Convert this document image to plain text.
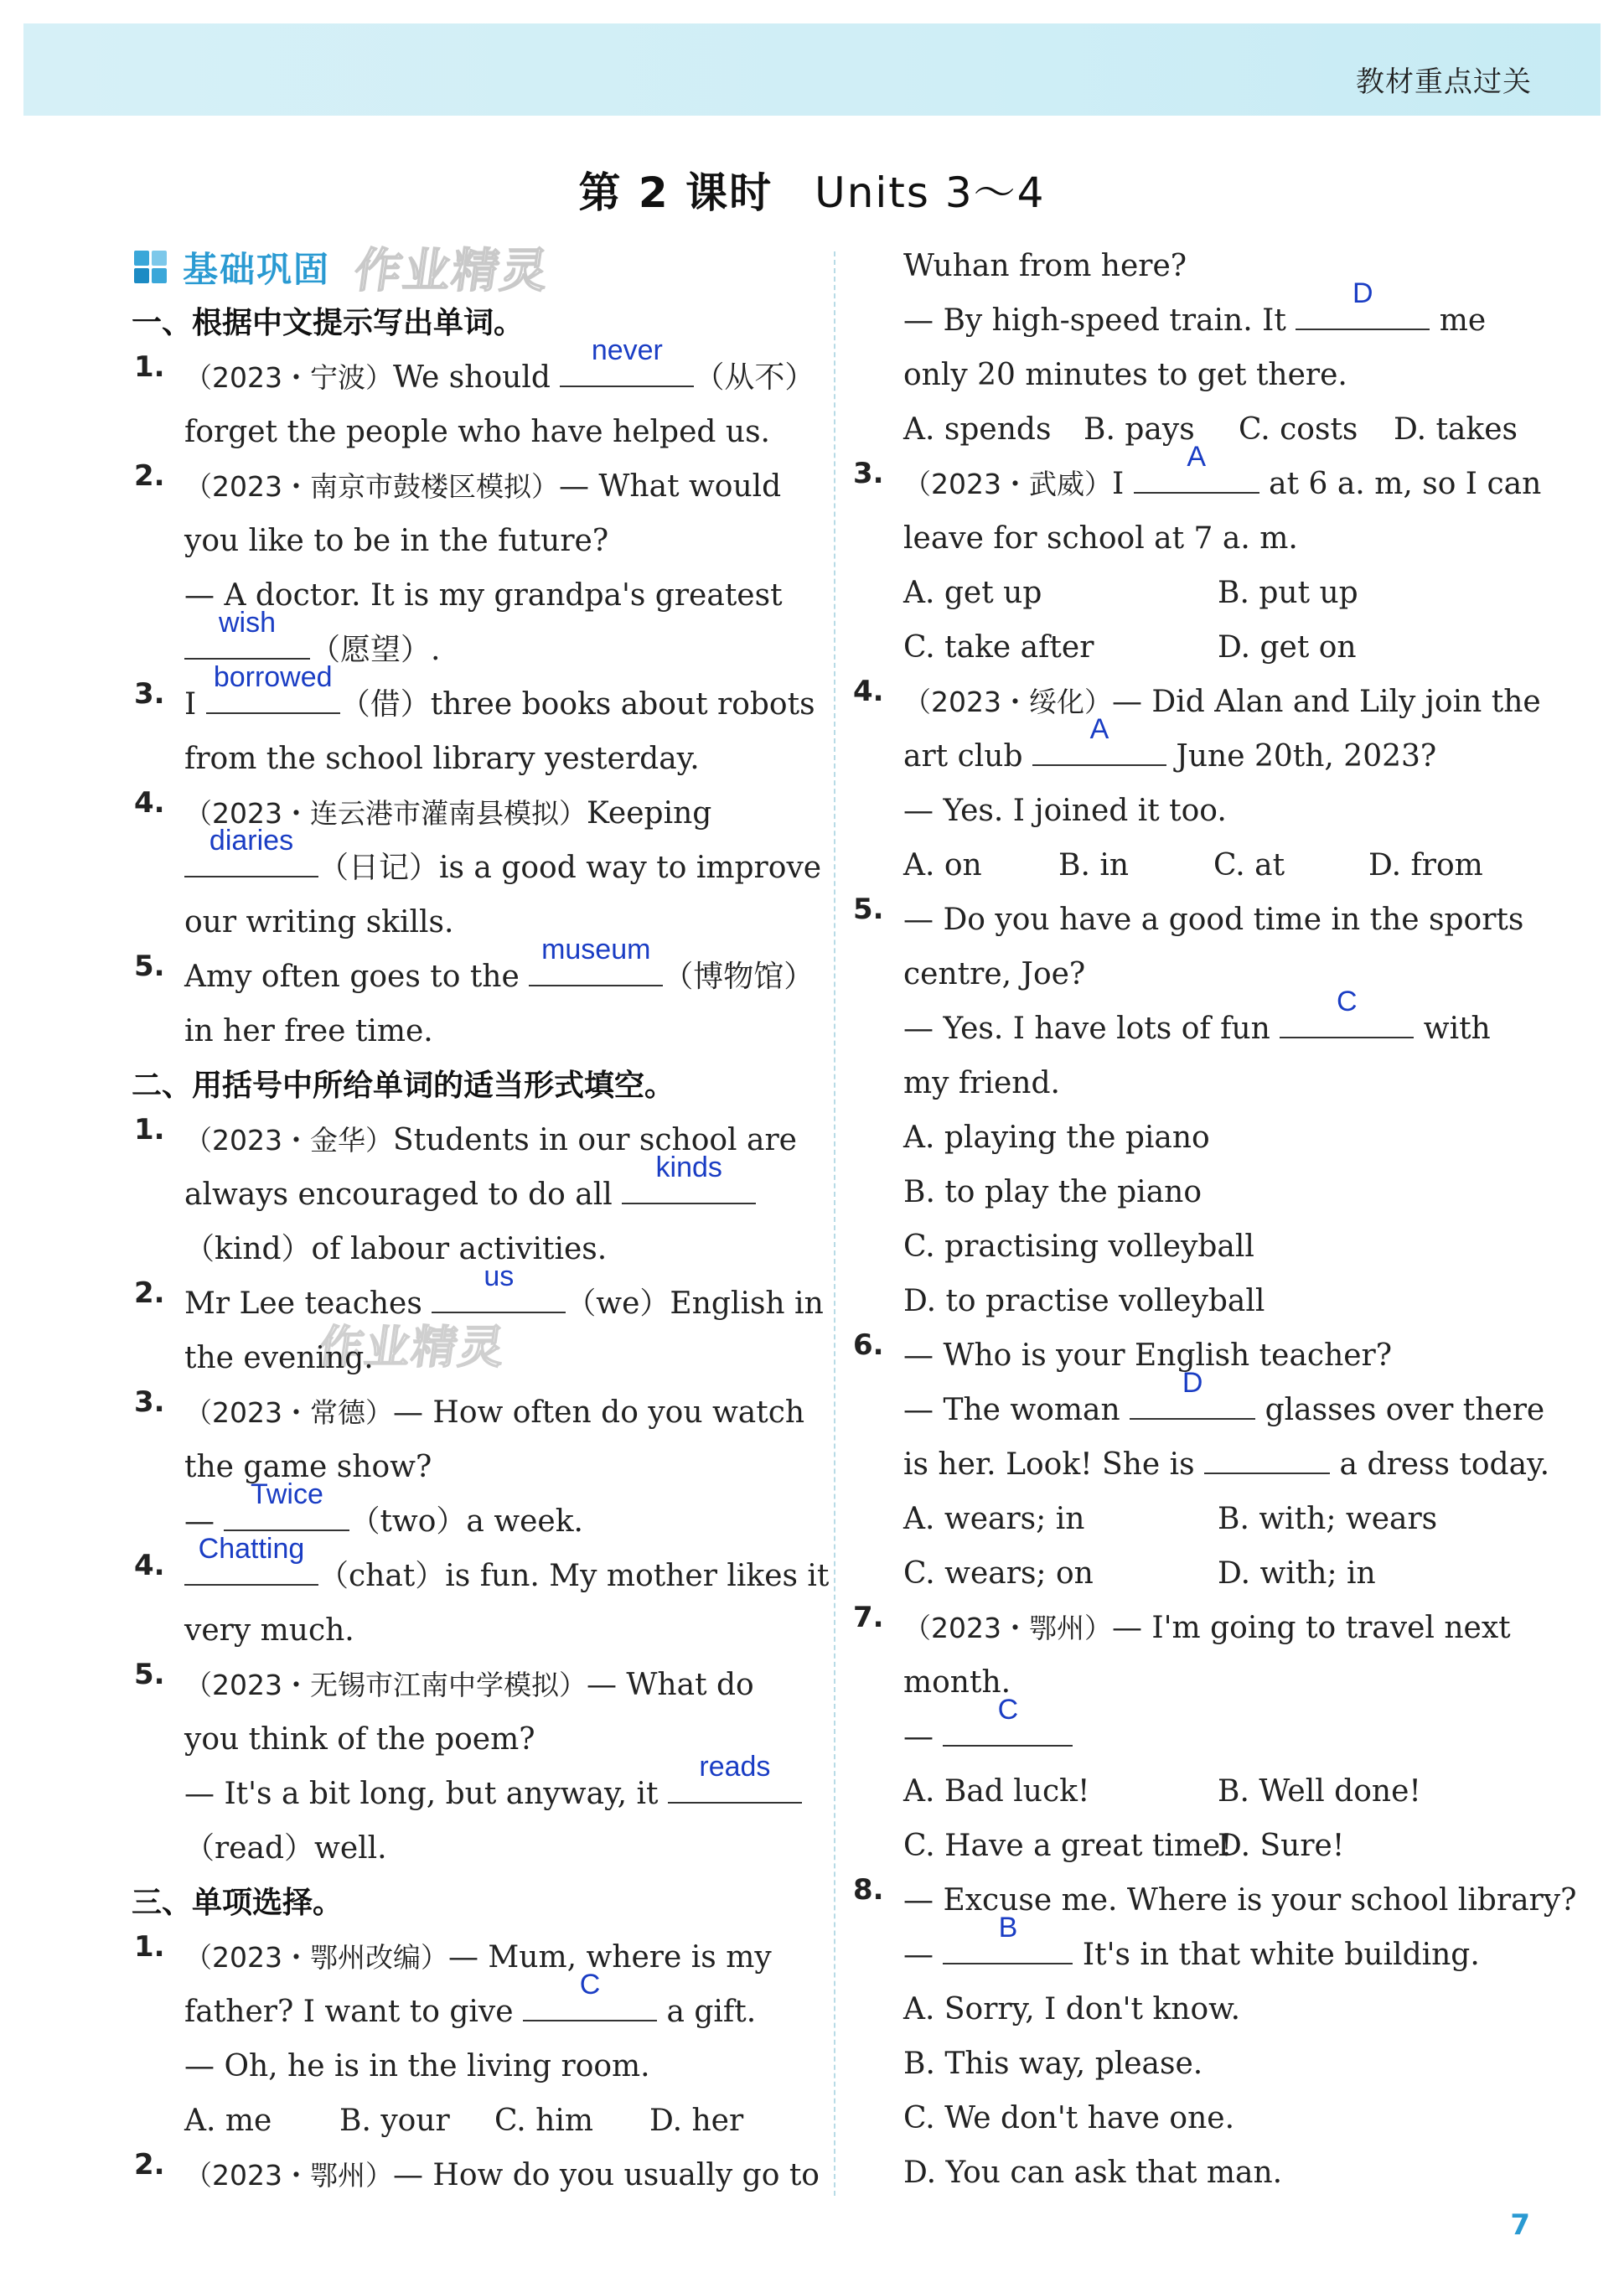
教材重点过关
第 2 课时 Units 3～4
作业精灵
基础巩固 作业精灵
一、根据中文提示写出单词。
1. （2023・宁波）We should
never
（从不）
forget the people who have helped us.
2. （2023・南京市鼓楼区模拟）— What would
you like to be in the future?
— A doctor. It is my grandpa's greatest
wish
（愿望）.
3. I
borrowed
（借）three books about robots
from the school library yesterday.
4. （2023・连云港市灌南县模拟）Keeping
diaries
（日记）is a good way to improve
our writing skills.
5. Amy often goes to the
museum
（博物馆）
in her free time.
二、用括号中所给单词的适当形式填空。
1. （2023・金华）Students in our school are
always encouraged to do all
kinds
（kind）of labour activities.
2. Mr Lee teaches
us
（we）English in
the evening.
3. （2023・常德）— How often do you watch
the game show?
—
Twice
（two）a week.
4.	Chatting
（chat）is fun. My mother likes it
very much.
5. （2023・无锡市江南中学模拟）— What do
you think of the poem?
— It's a bit long, but anyway, it
reads
（read）well.
三、单项选择。
1. （2023・鄂州改编）— Mum, where is my
father? I want to give
C
a gift.
— Oh, he is in the living room.
A. me	B. your	C. him	D. her
2. （2023・鄂州）— How do you usually go to
Wuhan from here?
— By high-speed train. It
D
me
only 20 minutes to get there.
A. spends	B. pays	C. costs	D. takes
3. （2023・武威）I
A
at 6 a. m, so I can
leave for school at 7 a. m.
A. get up	B. put up
C. take after	D. get on
4. （2023・绥化）— Did Alan and Lily join the
art club
A
June 20th, 2023?
— Yes. I joined it too.
A. on	B. in	C. at	D. from
5. — Do you have a good time in the sports
centre, Joe?
— Yes. I have lots of fun
C
with
my friend.
A. playing the piano
B. to play the piano
C. practising volleyball
D. to practise volleyball
6. — Who is your English teacher?
— The woman
D
glasses over there
is her. Look! She is	a dress today.
A. wears; in	B. with; wears
C. wears; on	D. with; in
7. （2023・鄂州）— I'm going to travel next
month.
—
C
A. Bad luck!	B. Well done!
C. Have a great time!
D. Sure!
8. — Excuse me. Where is your school library?
—
B
It's in that white building.
A. Sorry, I don't know.
B. This way, please.
C. We don't have one.
D. You can ask that man.
7
